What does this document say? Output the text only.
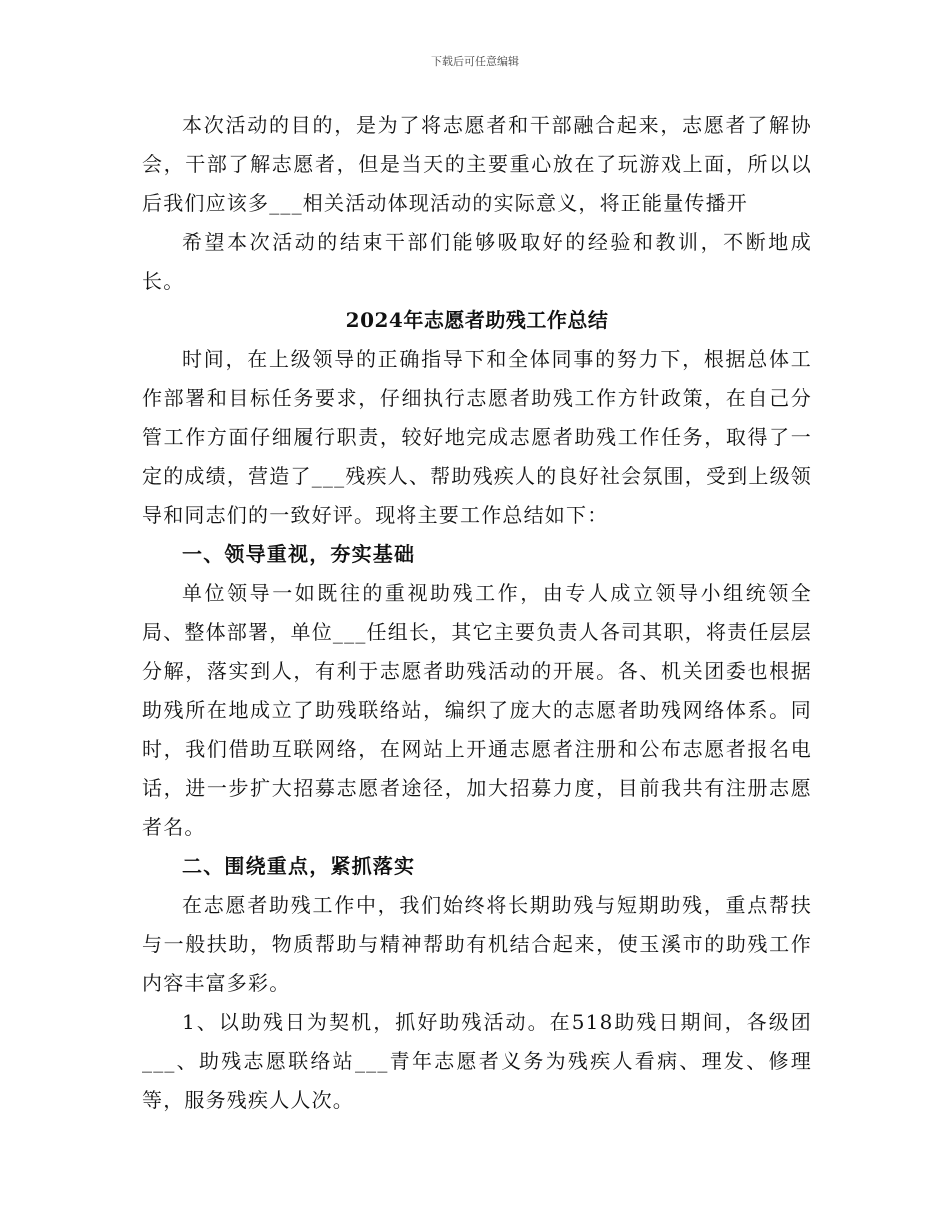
下载后可任意编辑

本次活动的目的，是为了将志愿者和干部融合起来，志愿者了解协会，干部了解志愿者，但是当天的主要重心放在了玩游戏上面，所以以后我们应该多___相关活动体现活动的实际意义，将正能量传播开

希望本次活动的结束干部们能够吸取好的经验和教训，不断地成长。

2024年志愿者助残工作总结

时间，在上级领导的正确指导下和全体同事的努力下，根据总体工作部署和目标任务要求，仔细执行志愿者助残工作方针政策，在自己分管工作方面仔细履行职责，较好地完成志愿者助残工作任务，取得了一定的成绩，营造了___残疾人、帮助残疾人的良好社会氛围，受到上级领导和同志们的一致好评。现将主要工作总结如下：

一、领导重视，夯实基础

单位领导一如既往的重视助残工作，由专人成立领导小组统领全局、整体部署，单位___任组长，其它主要负责人各司其职，将责任层层分解，落实到人，有利于志愿者助残活动的开展。各、机关团委也根据助残所在地成立了助残联络站，编织了庞大的志愿者助残网络体系。同时，我们借助互联网络，在网站上开通志愿者注册和公布志愿者报名电话，进一步扩大招募志愿者途径，加大招募力度，目前我共有注册志愿者名。

二、围绕重点，紧抓落实

在志愿者助残工作中，我们始终将长期助残与短期助残，重点帮扶与一般扶助，物质帮助与精神帮助有机结合起来，使玉溪市的助残工作内容丰富多彩。

1、以助残日为契机，抓好助残活动。在518助残日期间，各级团___、助残志愿联络站___青年志愿者义务为残疾人看病、理发、修理等，服务残疾人人次。
